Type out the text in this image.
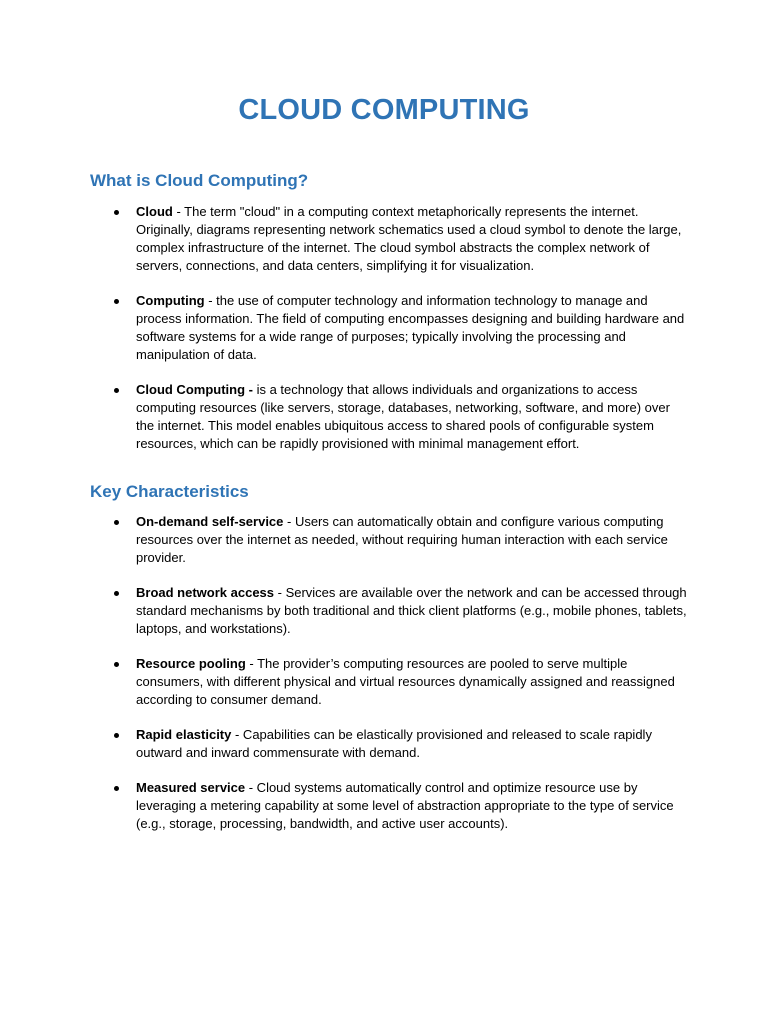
CLOUD COMPUTING
What is Cloud Computing?
Cloud - The term "cloud" in a computing context metaphorically represents the internet. Originally, diagrams representing network schematics used a cloud symbol to denote the large, complex infrastructure of the internet. The cloud symbol abstracts the complex network of servers, connections, and data centers, simplifying it for visualization.
Computing - the use of computer technology and information technology to manage and process information. The field of computing encompasses designing and building hardware and software systems for a wide range of purposes; typically involving the processing and manipulation of data.
Cloud Computing - is a technology that allows individuals and organizations to access computing resources (like servers, storage, databases, networking, software, and more) over the internet. This model enables ubiquitous access to shared pools of configurable system resources, which can be rapidly provisioned with minimal management effort.
Key Characteristics
On-demand self-service - Users can automatically obtain and configure various computing resources over the internet as needed, without requiring human interaction with each service provider.
Broad network access - Services are available over the network and can be accessed through standard mechanisms by both traditional and thick client platforms (e.g., mobile phones, tablets, laptops, and workstations).
Resource pooling - The provider’s computing resources are pooled to serve multiple consumers, with different physical and virtual resources dynamically assigned and reassigned according to consumer demand.
Rapid elasticity - Capabilities can be elastically provisioned and released to scale rapidly outward and inward commensurate with demand.
Measured service - Cloud systems automatically control and optimize resource use by leveraging a metering capability at some level of abstraction appropriate to the type of service (e.g., storage, processing, bandwidth, and active user accounts).
